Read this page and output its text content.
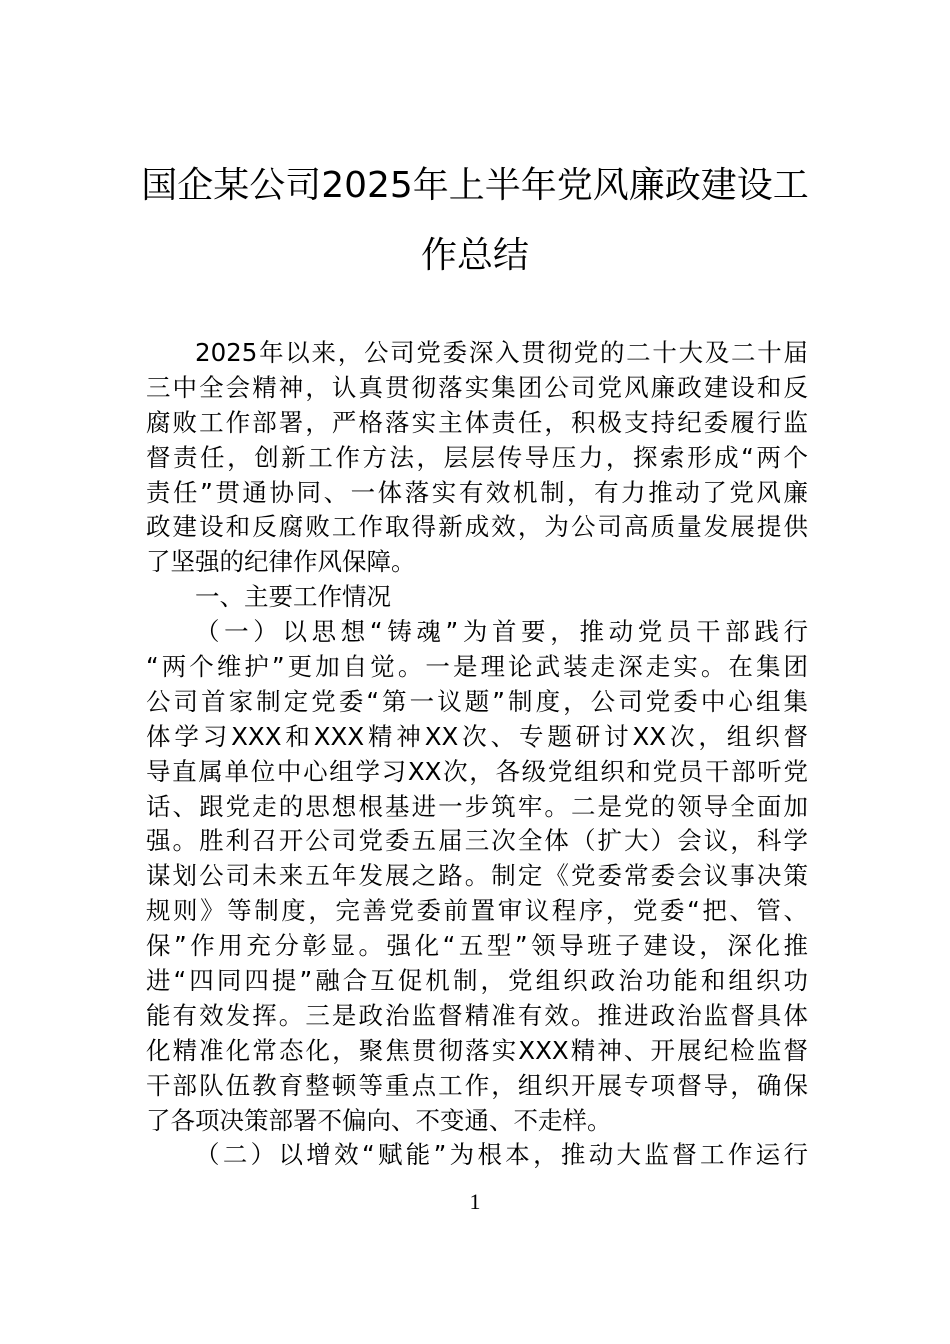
国企某公司2025年上半年党风廉政建设工
作总结
2025年以来，公司党委深入贯彻党的二十大及二十届
三中全会精神，认真贯彻落实集团公司党风廉政建设和反
腐败工作部署，严格落实主体责任，积极支持纪委履行监
督责任，创新工作方法，层层传导压力，探索形成“两个
责任”贯通协同、一体落实有效机制，有力推动了党风廉
政建设和反腐败工作取得新成效，为公司高质量发展提供
了坚强的纪律作风保障。
一、主要工作情况
（一）以思想“铸魂”为首要，推动党员干部践行
“两个维护”更加自觉。一是理论武装走深走实。在集团
公司首家制定党委“第一议题”制度，公司党委中心组集
体学习XXX和XXX精神XX次、专题研讨XX次，组织督
导直属单位中心组学习XX次，各级党组织和党员干部听党
话、跟党走的思想根基进一步筑牢。二是党的领导全面加
强。胜利召开公司党委五届三次全体（扩大）会议，科学
谋划公司未来五年发展之路。制定《党委常委会议事决策
规则》等制度，完善党委前置审议程序，党委“把、管、
保”作用充分彰显。强化“五型”领导班子建设，深化推
进“四同四提”融合互促机制，党组织政治功能和组织功
能有效发挥。三是政治监督精准有效。推进政治监督具体
化精准化常态化，聚焦贯彻落实XXX精神、开展纪检监督
干部队伍教育整顿等重点工作，组织开展专项督导，确保
了各项决策部署不偏向、不变通、不走样。
（二）以增效“赋能”为根本，推动大监督工作运行
1
